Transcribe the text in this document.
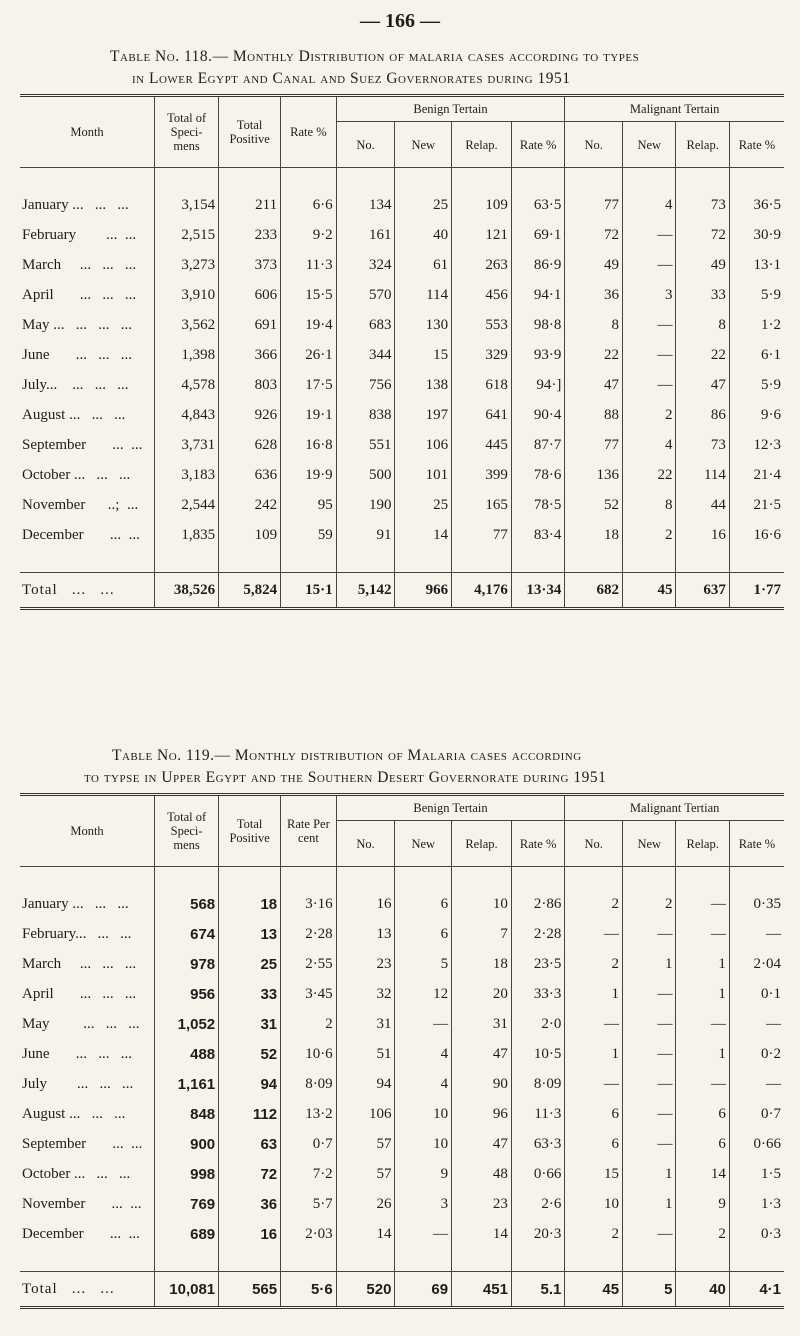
— 166 —
Table No. 118.— Monthly Distribution of malaria cases according to types
in Lower Egypt and Canal and Suez Governorates during 1951
Month	Total of Speci- mens	Total Positive	Rate %	Benign Tertain				Malignant Tertain			
				No.	New	Relap.	Rate %	No.	New	Relap.	Rate %

January ...   ...   ...	3,154	211	6·6	134	25	109	63·5	77	4	73	36·5
February        ...  ...	2,515	233	9·2	161	40	121	69·1	72	—	72	30·9
March     ...   ...   ...	3,273	373	11·3	324	61	263	86·9	49	—	49	13·1
April       ...   ...   ...	3,910	606	15·5	570	114	456	94·1	36	3	33	5·9
May ...   ...   ...   ...	3,562	691	19·4	683	130	553	98·8	8	—	8	1·2
June       ...   ...   ...	1,398	366	26·1	344	15	329	93·9	22	—	22	6·1
July...    ...   ...   ...	4,578	803	17·5	756	138	618	94·]	47	—	47	5·9
August ...   ...   ...	4,843	926	19·1	838	197	641	90·4	88	2	86	9·6
September       ...  ...	3,731	628	16·8	551	106	445	87·7	77	4	73	12·3
October ...   ...   ...	3,183	636	19·9	500	101	399	78·6	136	22	114	21·4
November      ..;  ...	2,544	242	95	190	25	165	78·5	52	8	44	21·5
December       ...  ...	1,835	109	59	91	14	77	83·4	18	2	16	16·6

Total   ...   ...	38,526	5,824	15·1	5,142	966	4,176	13·34	682	45	637	1·77
Table No. 119.— Monthly distribution of Malaria cases according
to typse in Upper Egypt and the Southern Desert Governorate during 1951
Month	Total of Speci- mens	Total Positive	Rate Per cent	Benign Tertain				Malignant Tertian			
				No.	New	Relap.	Rate %	No.	New	Relap.	Rate %

January ...   ...   ...	568	18	3·16	16	6	10	2·86	2	2	—	0·35
February...   ...   ...	674	13	2·28	13	6	7	2·28	—	—	—	—
March     ...   ...   ...	978	25	2·55	23	5	18	23·5	2	1	1	2·04
April       ...   ...   ...	956	33	3·45	32	12	20	33·3	1	—	1	0·1
May         ...   ...   ...	1,052	31	2	31	—	31	2·0	—	—	—	—
June       ...   ...   ...	488	52	10·6	51	4	47	10·5	1	—	1	0·2
July        ...   ...   ...	1,161	94	8·09	94	4	90	8·09	—	—	—	—
August ...   ...   ...	848	112	13·2	106	10	96	11·3	6	—	6	0·7
September       ...  ...	900	63	0·7	57	10	47	63·3	6	—	6	0·66
October ...   ...   ...	998	72	7·2	57	9	48	0·66	15	1	14	1·5
November       ...  ...	769	36	5·7	26	3	23	2·6	10	1	9	1·3
December       ...  ...	689	16	2·03	14	—	14	20·3	2	—	2	0·3

Total   ...   ...	10,081	565	5·6	520	69	451	5.1	45	5	40	4·1
